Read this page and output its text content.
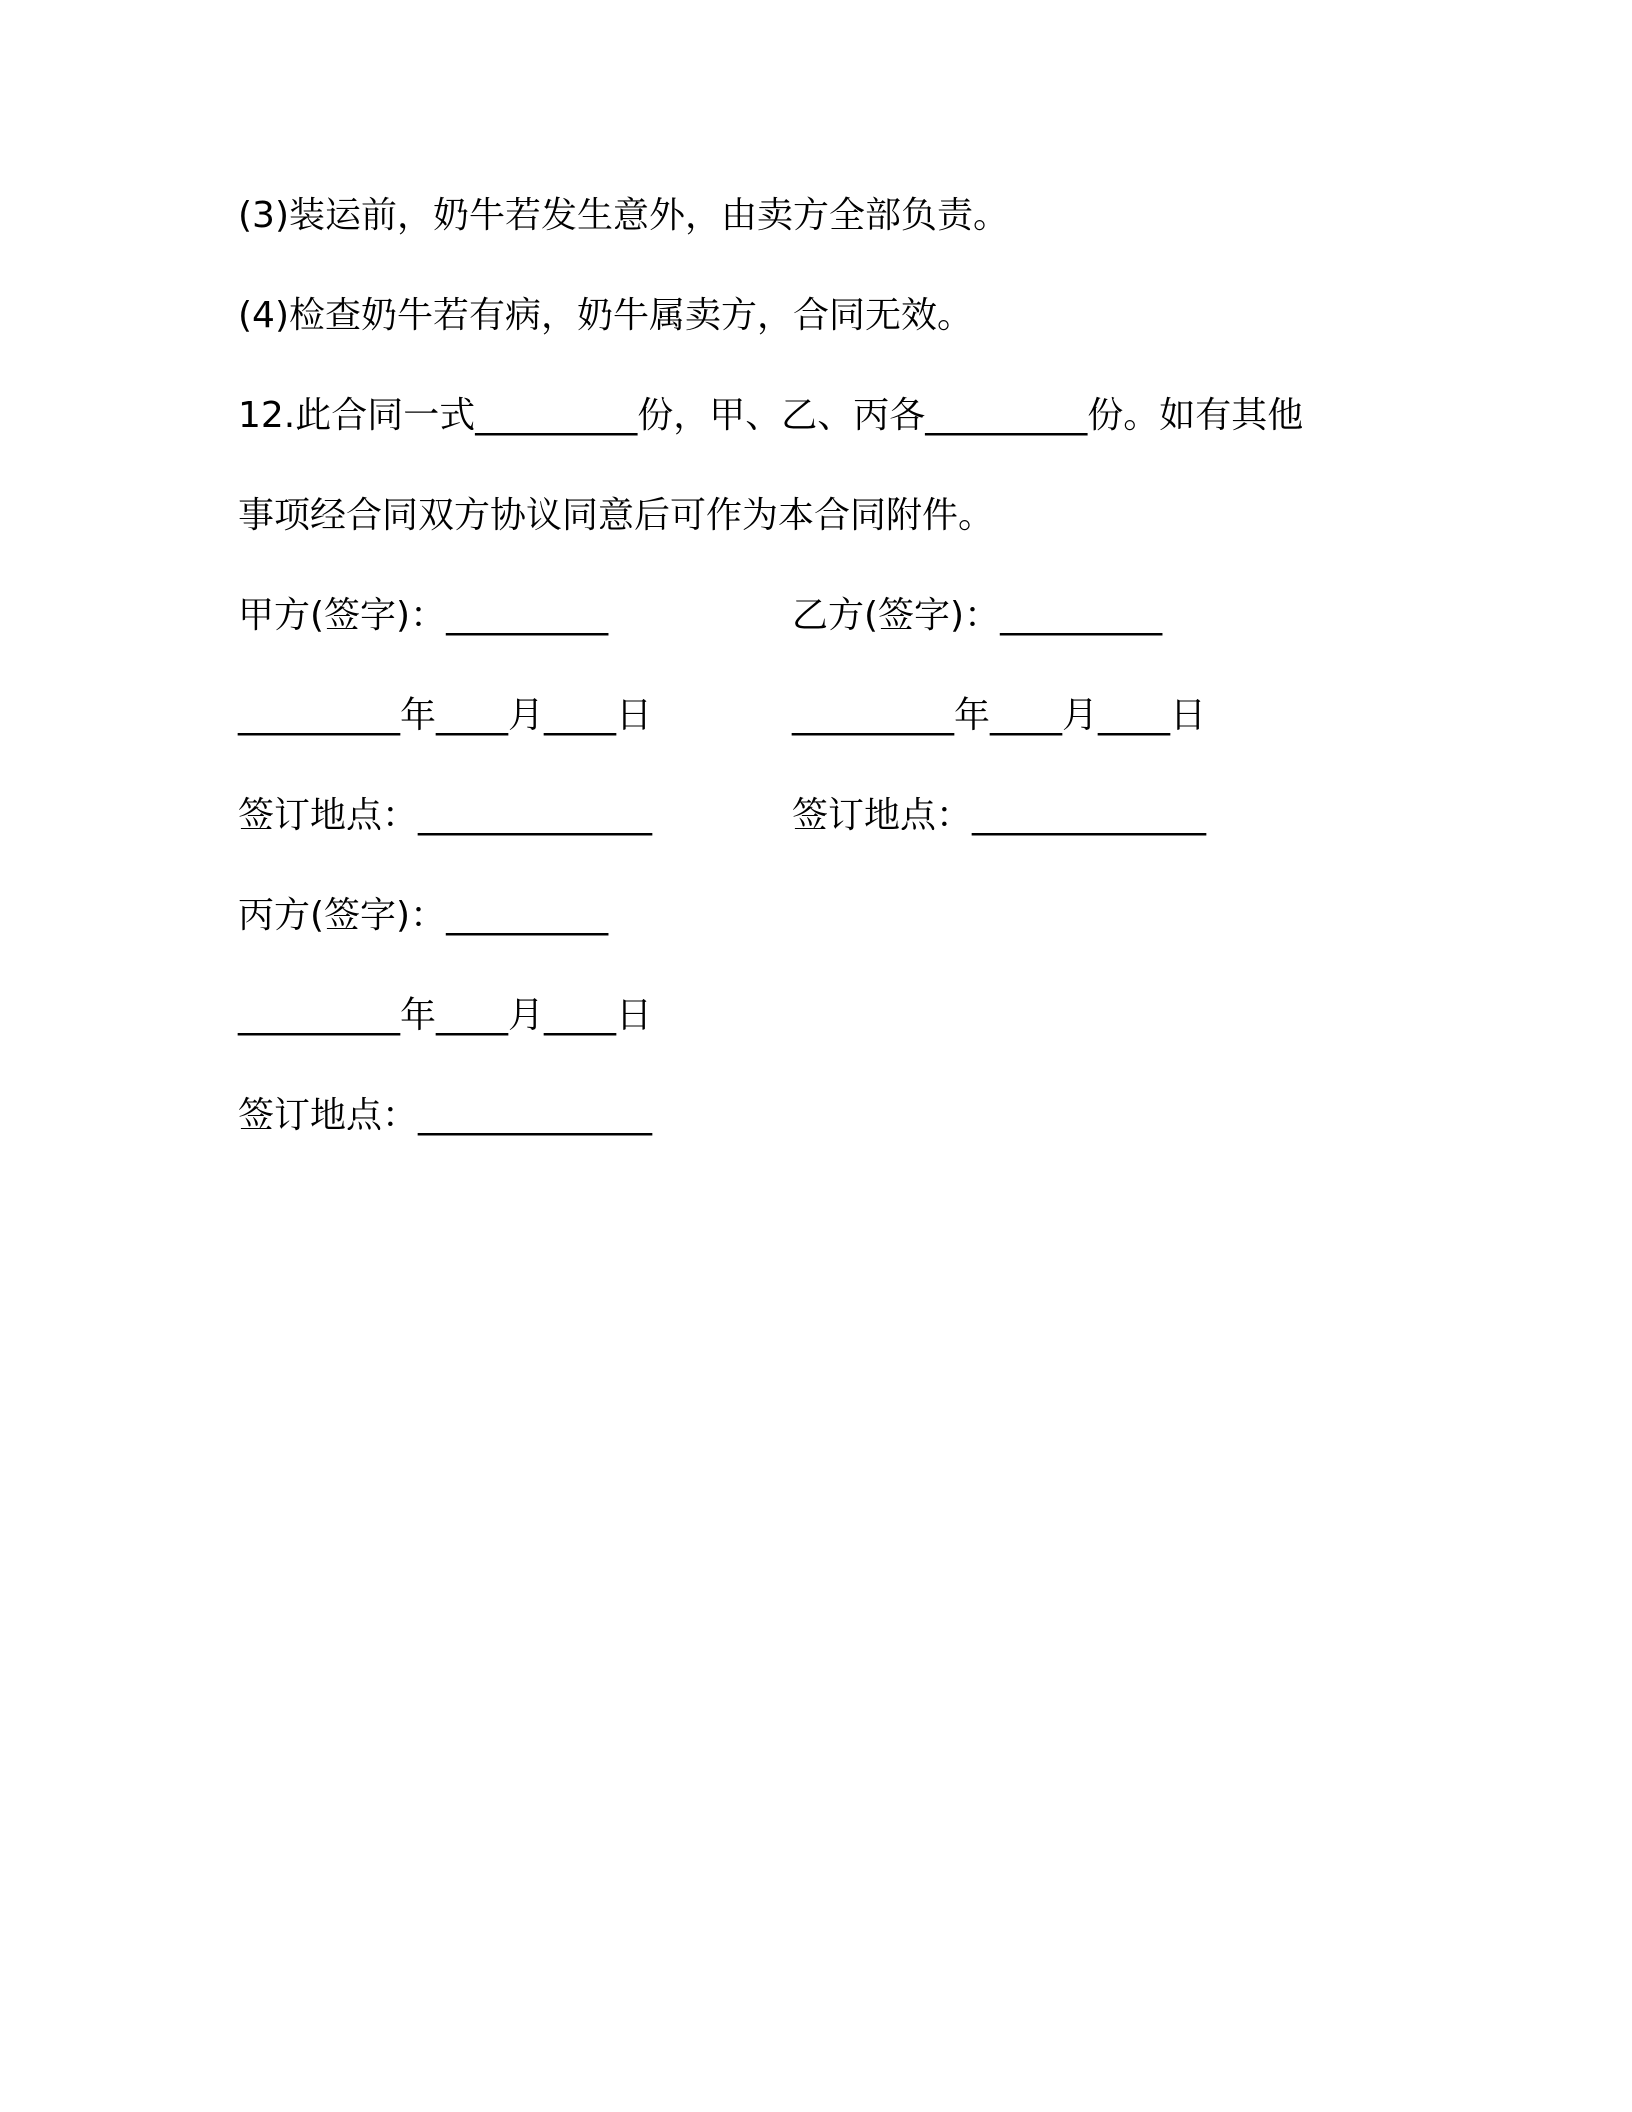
(3)装运前，奶牛若发生意外，由卖方全部负责。
(4)检查奶牛若有病，奶牛属卖方，合同无效。
12.此合同一式_________份，甲、乙、丙各_________份。如有其他
事项经合同双方协议同意后可作为本合同附件。
甲方(签字)：_________	乙方(签字)：_________
_________年____月____日	_________年____月____日
签订地点：_____________	签订地点：_____________
丙方(签字)：_________
_________年____月____日
签订地点：_____________
